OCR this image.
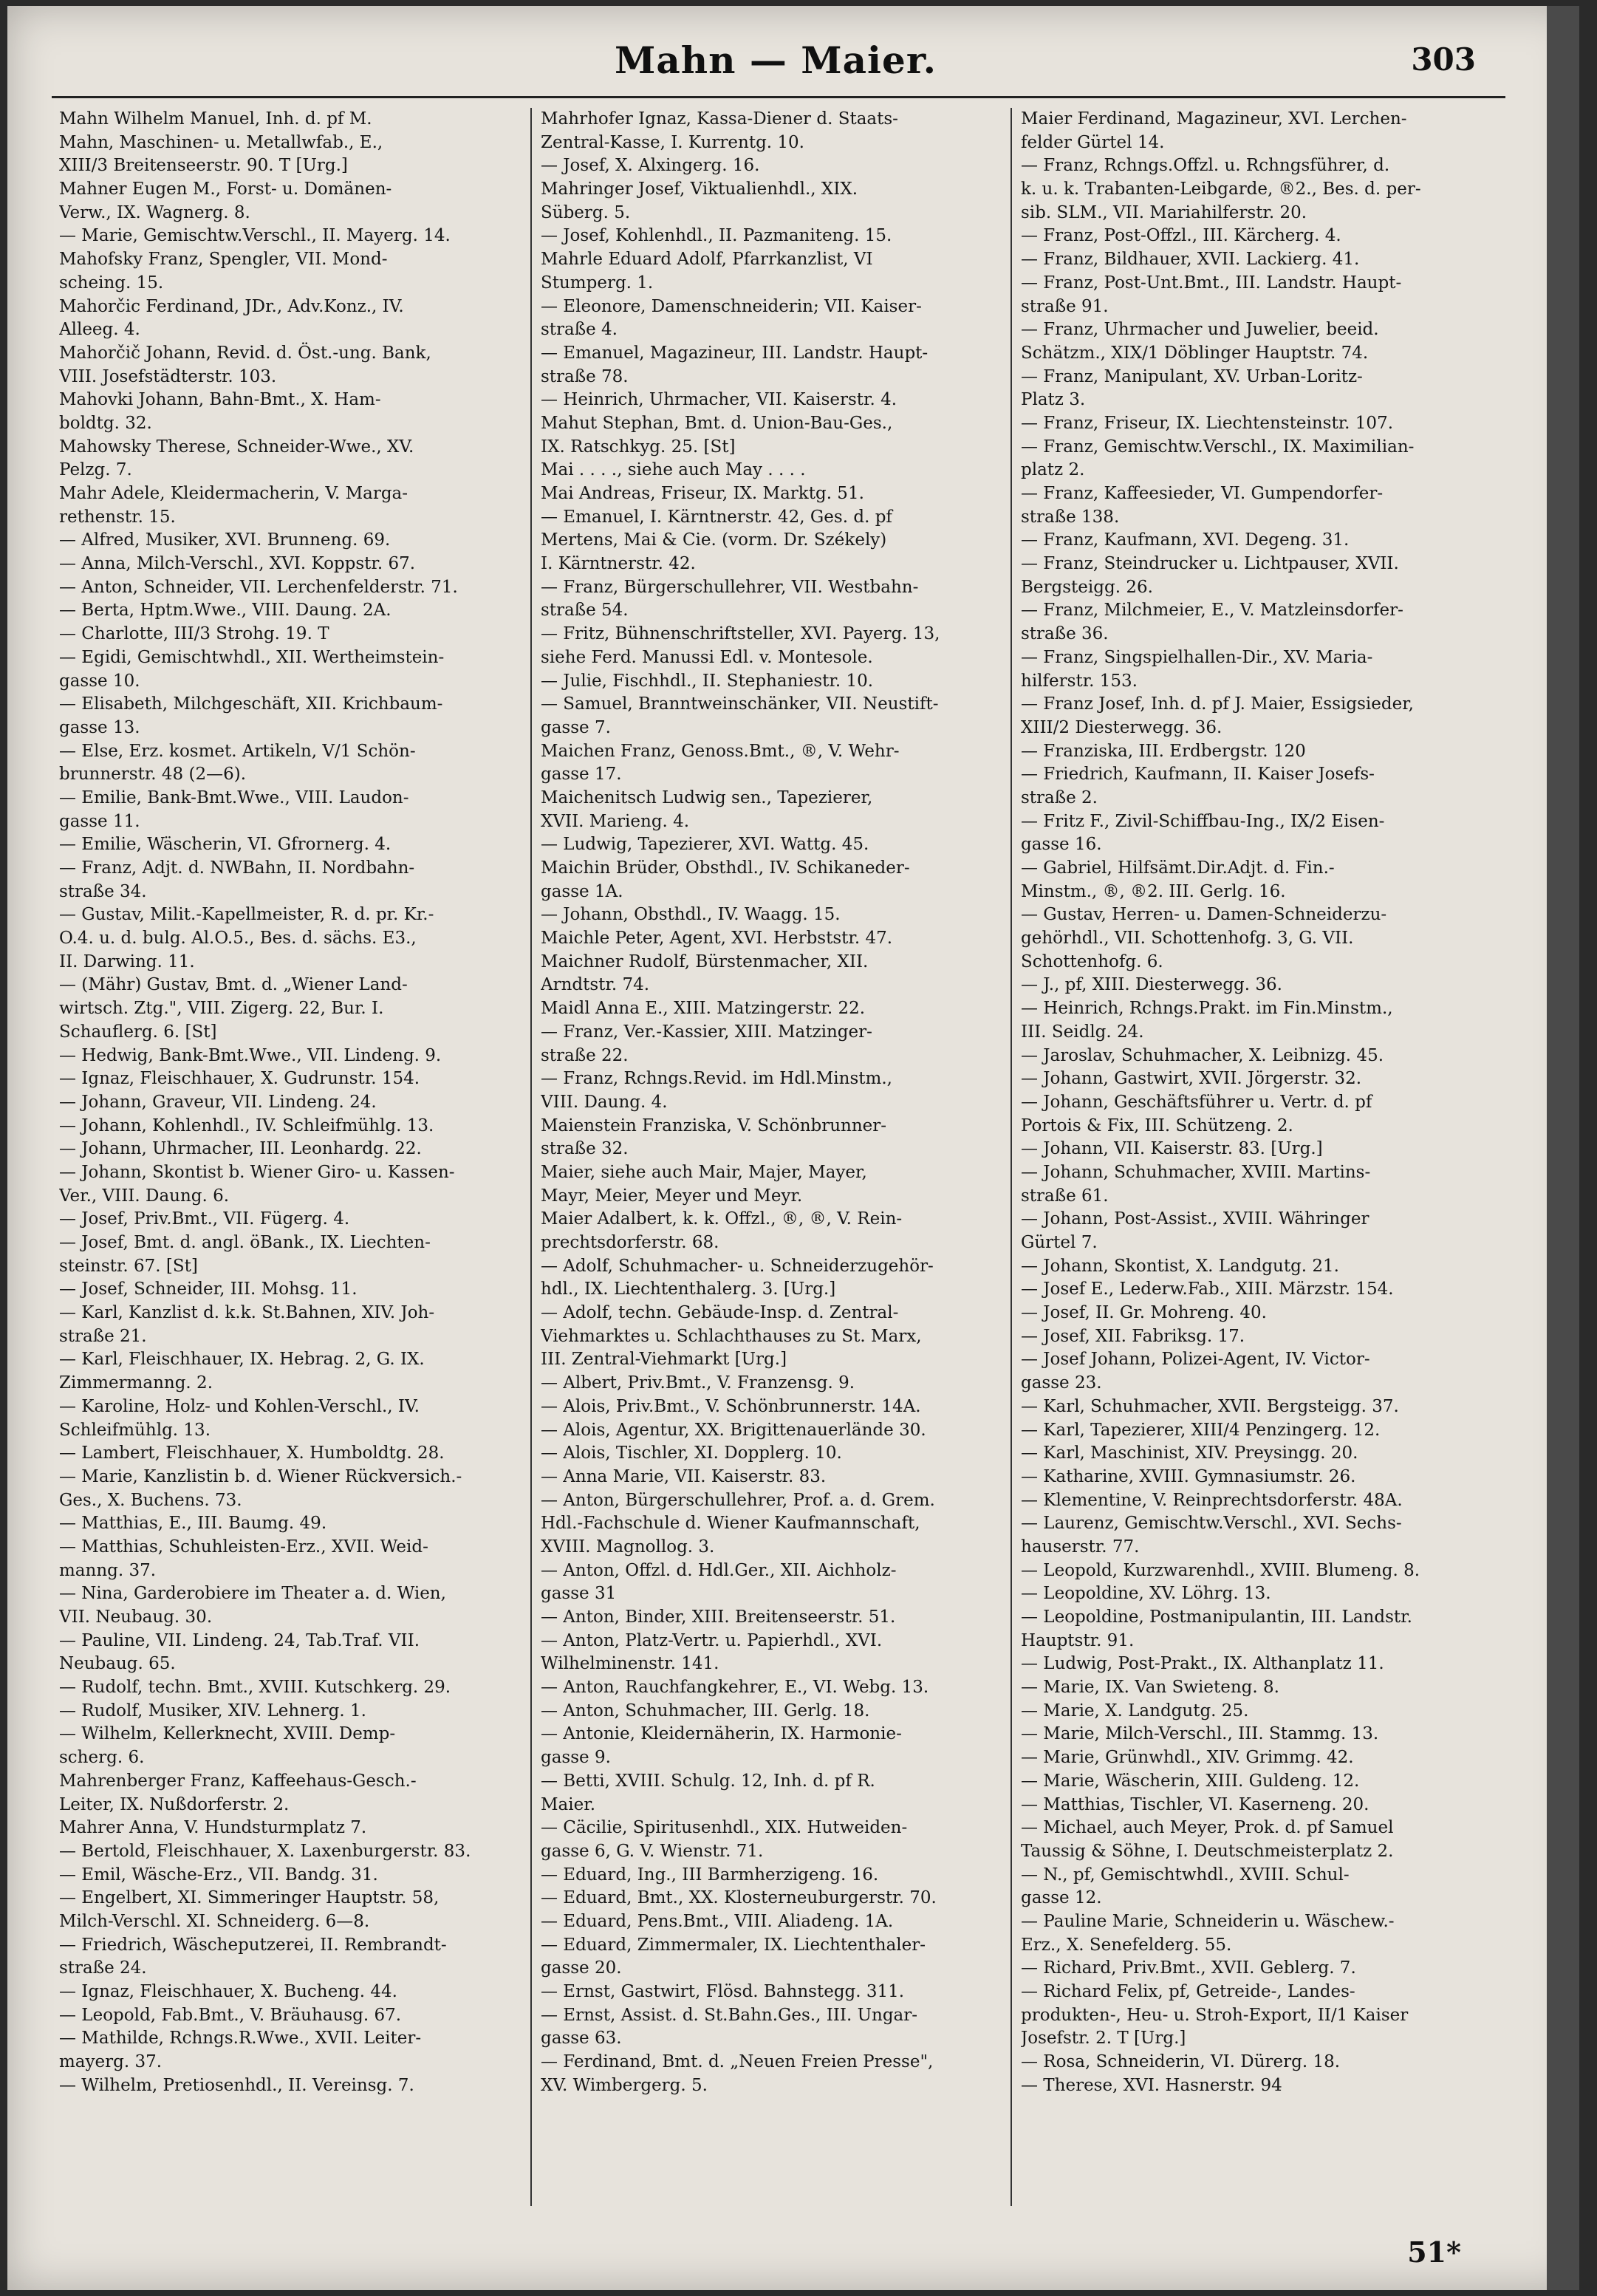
Mahn — Maier.	303
Mahn Wilhelm Manuel, Inh. d. pf M.
Mahn, Maschinen- u. Metallwfab., E.,
XIII/3 Breitenseerstr. 90. T [Urg.]
Mahner Eugen M., Forst- u. Domänen-
Verw., IX. Wagnerg. 8.
— Marie, Gemischtw.Verschl., II. Mayerg. 14.
Mahofsky Franz, Spengler, VII. Mond-
scheing. 15.
Mahorčic Ferdinand, JDr., Adv.Konz., IV.
Alleeg. 4.
Mahorčič Johann, Revid. d. Öst.-ung. Bank,
VIII. Josefstädterstr. 103.
Mahovki Johann, Bahn-Bmt., X. Ham-
boldtg. 32.
Mahowsky Therese, Schneider-Wwe., XV.
Pelzg. 7.
Mahr Adele, Kleidermacherin, V. Marga-
rethenstr. 15.
— Alfred, Musiker, XVI. Brunneng. 69.
— Anna, Milch-Verschl., XVI. Koppstr. 67.
— Anton, Schneider, VII. Lerchenfelderstr. 71.
— Berta, Hptm.Wwe., VIII. Daung. 2A.
— Charlotte, III/3 Strohg. 19. T
— Egidi, Gemischtwhdl., XII. Wertheimstein-
gasse 10.
— Elisabeth, Milchgeschäft, XII. Krichbaum-
gasse 13.
— Else, Erz. kosmet. Artikeln, V/1 Schön-
brunnerstr. 48 (2—6).
— Emilie, Bank-Bmt.Wwe., VIII. Laudon-
gasse 11.
— Emilie, Wäscherin, VI. Gfrornerg. 4.
— Franz, Adjt. d. NWBahn, II. Nordbahn-
straße 34.
— Gustav, Milit.-Kapellmeister, R. d. pr. Kr.-
O.4. u. d. bulg. Al.O.5., Bes. d. sächs. E3.,
II. Darwing. 11.
— (Mähr) Gustav, Bmt. d. „Wiener Land-
wirtsch. Ztg.", VIII. Zigerg. 22, Bur. I.
Schauflerg. 6. [St]
— Hedwig, Bank-Bmt.Wwe., VII. Lindeng. 9.
— Ignaz, Fleischhauer, X. Gudrunstr. 154.
— Johann, Graveur, VII. Lindeng. 24.
— Johann, Kohlenhdl., IV. Schleifmühlg. 13.
— Johann, Uhrmacher, III. Leonhardg. 22.
— Johann, Skontist b. Wiener Giro- u. Kassen-
Ver., VIII. Daung. 6.
— Josef, Priv.Bmt., VII. Fügerg. 4.
— Josef, Bmt. d. angl. öBank., IX. Liechten-
steinstr. 67. [St]
— Josef, Schneider, III. Mohsg. 11.
— Karl, Kanzlist d. k.k. St.Bahnen, XIV. Joh-
straße 21.
— Karl, Fleischhauer, IX. Hebrag. 2, G. IX.
Zimmermanng. 2.
— Karoline, Holz- und Kohlen-Verschl., IV.
Schleifmühlg. 13.
— Lambert, Fleischhauer, X. Humboldtg. 28.
— Marie, Kanzlistin b. d. Wiener Rückversich.-
Ges., X. Buchens. 73.
— Matthias, E., III. Baumg. 49.
— Matthias, Schuhleisten-Erz., XVII. Weid-
manng. 37.
— Nina, Garderobiere im Theater a. d. Wien,
VII. Neubaug. 30.
— Pauline, VII. Lindeng. 24, Tab.Traf. VII.
Neubaug. 65.
— Rudolf, techn. Bmt., XVIII. Kutschkerg. 29.
— Rudolf, Musiker, XIV. Lehnerg. 1.
— Wilhelm, Kellerknecht, XVIII. Demp-
scherg. 6.
Mahrenberger Franz, Kaffeehaus-Gesch.-
Leiter, IX. Nußdorferstr. 2.
Mahrer Anna, V. Hundsturmplatz 7.
— Bertold, Fleischhauer, X. Laxenburgerstr. 83.
— Emil, Wäsche-Erz., VII. Bandg. 31.
— Engelbert, XI. Simmeringer Hauptstr. 58,
Milch-Verschl. XI. Schneiderg. 6—8.
— Friedrich, Wäscheputzerei, II. Rembrandt-
straße 24.
— Ignaz, Fleischhauer, X. Bucheng. 44.
— Leopold, Fab.Bmt., V. Bräuhausg. 67.
— Mathilde, Rchngs.R.Wwe., XVII. Leiter-
mayerg. 37.
— Wilhelm, Pretiosenhdl., II. Vereinsg. 7.
Mahrhofer Ignaz, Kassa-Diener d. Staats-
Zentral-Kasse, I. Kurrentg. 10.
— Josef, X. Alxingerg. 16.
Mahringer Josef, Viktualienhdl., XIX.
Süberg. 5.
— Josef, Kohlenhdl., II. Pazmanitenɡ. 15.
Mahrle Eduard Adolf, Pfarrkanzlist, VI
Stumperg. 1.
— Eleonore, Damenschneiderin; VII. Kaiser-
straße 4.
— Emanuel, Magazineur, III. Landstr. Haupt-
straße 78.
— Heinrich, Uhrmacher, VII. Kaiserstr. 4.
Mahut Stephan, Bmt. d. Union-Bau-Ges.,
IX. Ratschkyg. 25. [St]
Mai . . . ., siehe auch May . . . .
Mai Andreas, Friseur, IX. Marktg. 51.
— Emanuel, I. Kärntnerstr. 42, Ges. d. pf
Mertens, Mai & Cie. (vorm. Dr. Székely)
I. Kärntnerstr. 42.
— Franz, Bürgerschullehrer, VII. Westbahn-
straße 54.
— Fritz, Bühnenschriftsteller, XVI. Payerg. 13,
siehe Ferd. Manussi Edl. v. Montesole.
— Julie, Fischhdl., II. Stephaniestr. 10.
— Samuel, Branntweinschänker, VII. Neustift-
gasse 7.
Maichen Franz, Genoss.Bmt., ®, V. Wehr-
gasse 17.
Maichenitsch Ludwig sen., Tapezierer,
XVII. Marieng. 4.
— Ludwig, Tapezierer, XVI. Wattg. 45.
Maichin Brüder, Obsthdl., IV. Schikaneder-
gasse 1A.
— Johann, Obsthdl., IV. Waagg. 15.
Maichle Peter, Agent, XVI. Herbststr. 47.
Maichner Rudolf, Bürstenmacher, XII.
Arndtstr. 74.
Maidl Anna E., XIII. Matzingerstr. 22.
— Franz, Ver.-Kassier, XIII. Matzinger-
straße 22.
— Franz, Rchngs.Revid. im Hdl.Minstm.,
VIII. Daung. 4.
Maienstein Franziska, V. Schönbrunner-
straße 32.
Maier, siehe auch Mair, Majer, Mayer,
Mayr, Meier, Meyer und Meyr.
Maier Adalbert, k. k. Offzl., ®, ®, V. Rein-
prechtsdorferstr. 68.
— Adolf, Schuhmacher- u. Schneiderzugehör-
hdl., IX. Liechtenthalerg. 3. [Urg.]
— Adolf, techn. Gebäude-Insp. d. Zentral-
Viehmarktes u. Schlachthauses zu St. Marx,
III. Zentral-Viehmarkt [Urg.]
— Albert, Priv.Bmt., V. Franzensg. 9.
— Alois, Priv.Bmt., V. Schönbrunnerstr. 14A.
— Alois, Agentur, XX. Brigittenauerlände 30.
— Alois, Tischler, XI. Dopplerg. 10.
— Anna Marie, VII. Kaiserstr. 83.
— Anton, Bürgerschullehrer, Prof. a. d. Grem.
Hdl.-Fachschule d. Wiener Kaufmannschaft,
XVIII. Magnollog. 3.
— Anton, Offzl. d. Hdl.Ger., XII. Aichholz-
gasse 31
— Anton, Binder, XIII. Breitenseerstr. 51.
— Anton, Platz-Vertr. u. Papierhdl., XVI.
Wilhelminenstr. 141.
— Anton, Rauchfangkehrer, E., VI. Webg. 13.
— Anton, Schuhmacher, III. Gerlg. 18.
— Antonie, Kleidernäherin, IX. Harmonie-
gasse 9.
— Betti, XVIII. Schulg. 12, Inh. d. pf R.
Maier.
— Cäcilie, Spiritusenhdl., XIX. Hutweiden-
gasse 6, G. V. Wienstr. 71.
— Eduard, Ing., III Barmherzigeng. 16.
— Eduard, Bmt., XX. Klosterneuburgerstr. 70.
— Eduard, Pens.Bmt., VIII. Aliadeng. 1A.
— Eduard, Zimmermaler, IX. Liechtenthaler-
gasse 20.
— Ernst, Gastwirt, Flösd. Bahnstegg. 311.
— Ernst, Assist. d. St.Bahn.Ges., III. Ungar-
gasse 63.
— Ferdinand, Bmt. d. „Neuen Freien Presse",
XV. Wimbergerg. 5.
Maier Ferdinand, Magazineur, XVI. Lerchen-
felder Gürtel 14.
— Franz, Rchngs.Offzl. u. Rchngsführer, d.
k. u. k. Trabanten-Leibgarde, ®2., Bes. d. per-
sib. SLM., VII. Mariahilferstr. 20.
— Franz, Post-Offzl., III. Kärcherg. 4.
— Franz, Bildhauer, XVII. Lackierg. 41.
— Franz, Post-Unt.Bmt., III. Landstr. Haupt-
straße 91.
— Franz, Uhrmacher und Juwelier, beeid.
Schätzm., XIX/1 Döblinger Hauptstr. 74.
— Franz, Manipulant, XV. Urban-Loritz-
Platz 3.
— Franz, Friseur, IX. Liechtensteinstr. 107.
— Franz, Gemischtw.Verschl., IX. Maximilian-
platz 2.
— Franz, Kaffeesieder, VI. Gumpendorfer-
straße 138.
— Franz, Kaufmann, XVI. Degeng. 31.
— Franz, Steindrucker u. Lichtpauser, XVII.
Bergsteigg. 26.
— Franz, Milchmeier, E., V. Matzleinsdorfer-
straße 36.
— Franz, Singspielhallen-Dir., XV. Maria-
hilferstr. 153.
— Franz Josef, Inh. d. pf J. Maier, Essigsieder,
XIII/2 Diesterwegg. 36.
— Franziska, III. Erdbergstr. 120
— Friedrich, Kaufmann, II. Kaiser Josefs-
straße 2.
— Fritz F., Zivil-Schiffbau-Ing., IX/2 Eisen-
gasse 16.
— Gabriel, Hilfsämt.Dir.Adjt. d. Fin.-
Minstm., ®, ®2. III. Gerlg. 16.
— Gustav, Herren- u. Damen-Schneiderzu-
gehörhdl., VII. Schottenhofg. 3, G. VII.
Schottenhofg. 6.
— J., pf, XIII. Diesterwegg. 36.
— Heinrich, Rchngs.Prakt. im Fin.Minstm.,
III. Seidlg. 24.
— Jaroslav, Schuhmacher, X. Leibnizg. 45.
— Johann, Gastwirt, XVII. Jörgerstr. 32.
— Johann, Geschäftsführer u. Vertr. d. pf
Portois & Fix, III. Schützeng. 2.
— Johann, VII. Kaiserstr. 83. [Urg.]
— Johann, Schuhmacher, XVIII. Martins-
straße 61.
— Johann, Post-Assist., XVIII. Währinger
Gürtel 7.
— Johann, Skontist, X. Landgutg. 21.
— Josef E., Lederw.Fab., XIII. Märzstr. 154.
— Josef, II. Gr. Mohreng. 40.
— Josef, XII. Fabriksg. 17.
— Josef Johann, Polizei-Agent, IV. Victor-
gasse 23.
— Karl, Schuhmacher, XVII. Bergsteigg. 37.
— Karl, Tapezierer, XIII/4 Penzingerg. 12.
— Karl, Maschinist, XIV. Preysingg. 20.
— Katharine, XVIII. Gymnasiumstr. 26.
— Klementine, V. Reinprechtsdorferstr. 48A.
— Laurenz, Gemischtw.Verschl., XVI. Sechs-
hauserstr. 77.
— Leopold, Kurzwarenhdl., XVIII. Blumeng. 8.
— Leopoldine, XV. Löhrg. 13.
— Leopoldine, Postmanipulantin, III. Landstr.
Hauptstr. 91.
— Ludwig, Post-Prakt., IX. Althanplatz 11.
— Marie, IX. Van Swieteng. 8.
— Marie, X. Landgutg. 25.
— Marie, Milch-Verschl., III. Stammg. 13.
— Marie, Grünwhdl., XIV. Grimmg. 42.
— Marie, Wäscherin, XIII. Guldeng. 12.
— Matthias, Tischler, VI. Kaserneng. 20.
— Michael, auch Meyer, Prok. d. pf Samuel
Taussig & Söhne, I. Deutschmeisterplatz 2.
— N., pf, Gemischtwhdl., XVIII. Schul-
gasse 12.
— Pauline Marie, Schneiderin u. Wäschew.-
Erz., X. Senefelderg. 55.
— Richard, Priv.Bmt., XVII. Geblerg. 7.
— Richard Felix, pf, Getreide-, Landes-
produkten-, Heu- u. Stroh-Export, II/1 Kaiser
Josefstr. 2. T [Urg.]
— Rosa, Schneiderin, VI. Dürerg. 18.
— Therese, XVI. Hasnerstr. 94
51*
